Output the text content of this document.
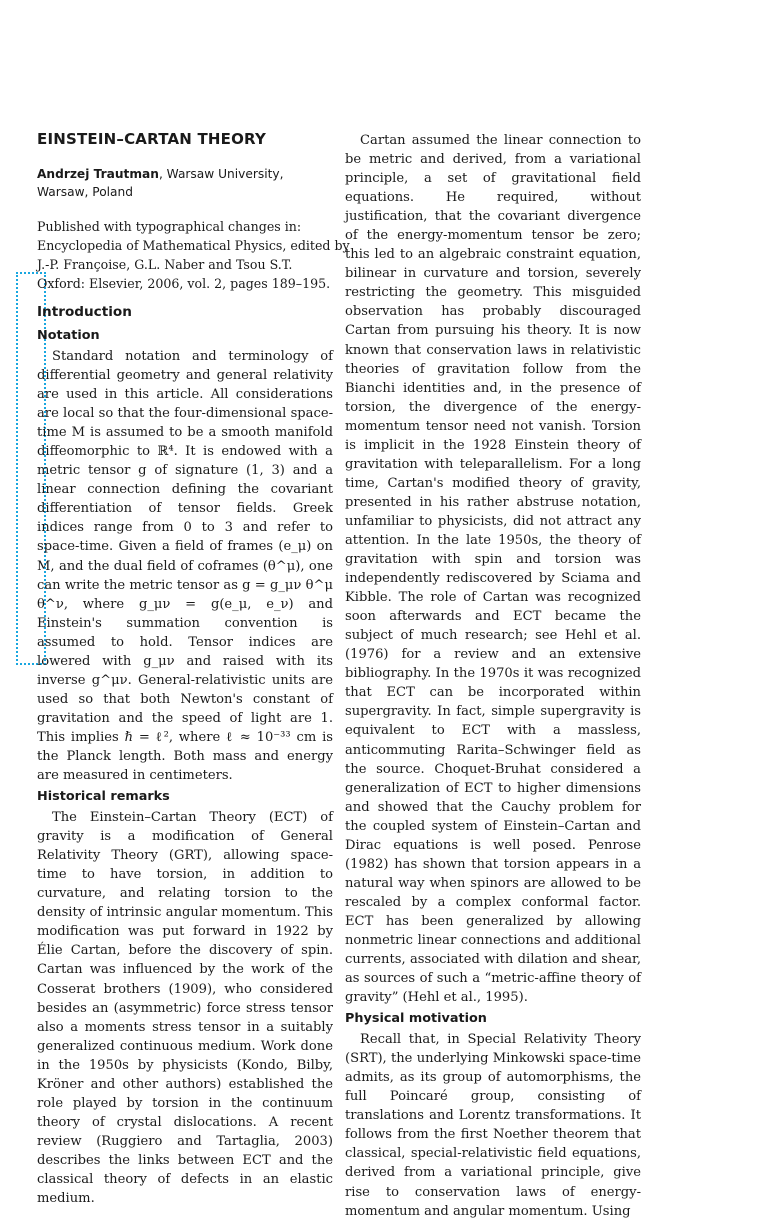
EINSTEIN–CARTAN THEORY
Andrzej Trautman, Warsaw University, Warsaw, Poland
Published with typographical changes in:
Encyclopedia of Mathematical Physics, edited by
J.-P. Françoise, G.L. Naber and Tsou S.T.
Oxford: Elsevier, 2006, vol. 2, pages 189–195.
Introduction
Notation

Standard notation and terminology of differential geometry and general relativity are used in this article. All considerations are local so that the four-dimensional space-time M is assumed to be a smooth manifold diffeomorphic to ℝ⁴. It is endowed with a metric tensor g of signature (1, 3) and a linear connection defining the covariant differentiation of tensor fields. Greek indices range from 0 to 3 and refer to space-time. Given a field of frames (e_μ) on M, and the dual field of coframes (θ^μ), one can write the metric tensor as g = g_μν θ^μ θ^ν, where g_μν = g(e_μ, e_ν) and Einstein's summation convention is assumed to hold. Tensor indices are lowered with g_μν and raised with its inverse g^μν. General-relativistic units are used so that both Newton's constant of gravitation and the speed of light are 1. This implies ℏ = ℓ², where ℓ ≈ 10⁻³³ cm is the Planck length. Both mass and energy are measured in centimeters.

Historical remarks

The Einstein–Cartan Theory (ECT) of gravity is a modification of General Relativity Theory (GRT), allowing space-time to have torsion, in addition to curvature, and relating torsion to the density of intrinsic angular momentum. This modification was put forward in 1922 by Élie Cartan, before the discovery of spin. Cartan was influenced by the work of the Cosserat brothers (1909), who considered besides an (asymmetric) force stress tensor also a moments stress tensor in a suitably generalized continuous medium. Work done in the 1950s by physicists (Kondo, Bilby, Kröner and other authors) established the role played by torsion in the continuum theory of crystal dislocations. A recent review (Ruggiero and Tartaglia, 2003) describes the links between ECT and the classical theory of defects in an elastic medium.

Cartan assumed the linear connection to be metric and derived, from a variational principle, a set of gravitational field equations. He required, without justification, that the covariant divergence of the energy-momentum tensor be zero; this led to an algebraic constraint equation, bilinear in curvature and torsion, severely restricting the geometry. This misguided observation has probably discouraged Cartan from pursuing his theory. It is now known that conservation laws in relativistic theories of gravitation follow from the Bianchi identities and, in the presence of torsion, the divergence of the energy-momentum tensor need not vanish. Torsion is implicit in the 1928 Einstein theory of gravitation with teleparallelism. For a long time, Cartan's modified theory of gravity, presented in his rather abstruse notation, unfamiliar to physicists, did not attract any attention. In the late 1950s, the theory of gravitation with spin and torsion was independently rediscovered by Sciama and Kibble. The role of Cartan was recognized soon afterwards and ECT became the subject of much research; see Hehl et al. (1976) for a review and an extensive bibliography. In the 1970s it was recognized that ECT can be incorporated within supergravity. In fact, simple supergravity is equivalent to ECT with a massless, anticommuting Rarita–Schwinger field as the source. Choquet-Bruhat considered a generalization of ECT to higher dimensions and showed that the Cauchy problem for the coupled system of Einstein–Cartan and Dirac equations is well posed. Penrose (1982) has shown that torsion appears in a natural way when spinors are allowed to be rescaled by a complex conformal factor. ECT has been generalized by allowing nonmetric linear connections and additional currents, associated with dilation and shear, as sources of such a “metric-affine theory of gravity” (Hehl et al., 1995).

Physical motivation

Recall that, in Special Relativity Theory (SRT), the underlying Minkowski space-time admits, as its group of automorphisms, the full Poincaré group, consisting of translations and Lorentz transformations. It follows from the first Noether theorem that classical, special-relativistic field equations, derived from a variational principle, give rise to conservation laws of energy-momentum and angular momentum. Using
